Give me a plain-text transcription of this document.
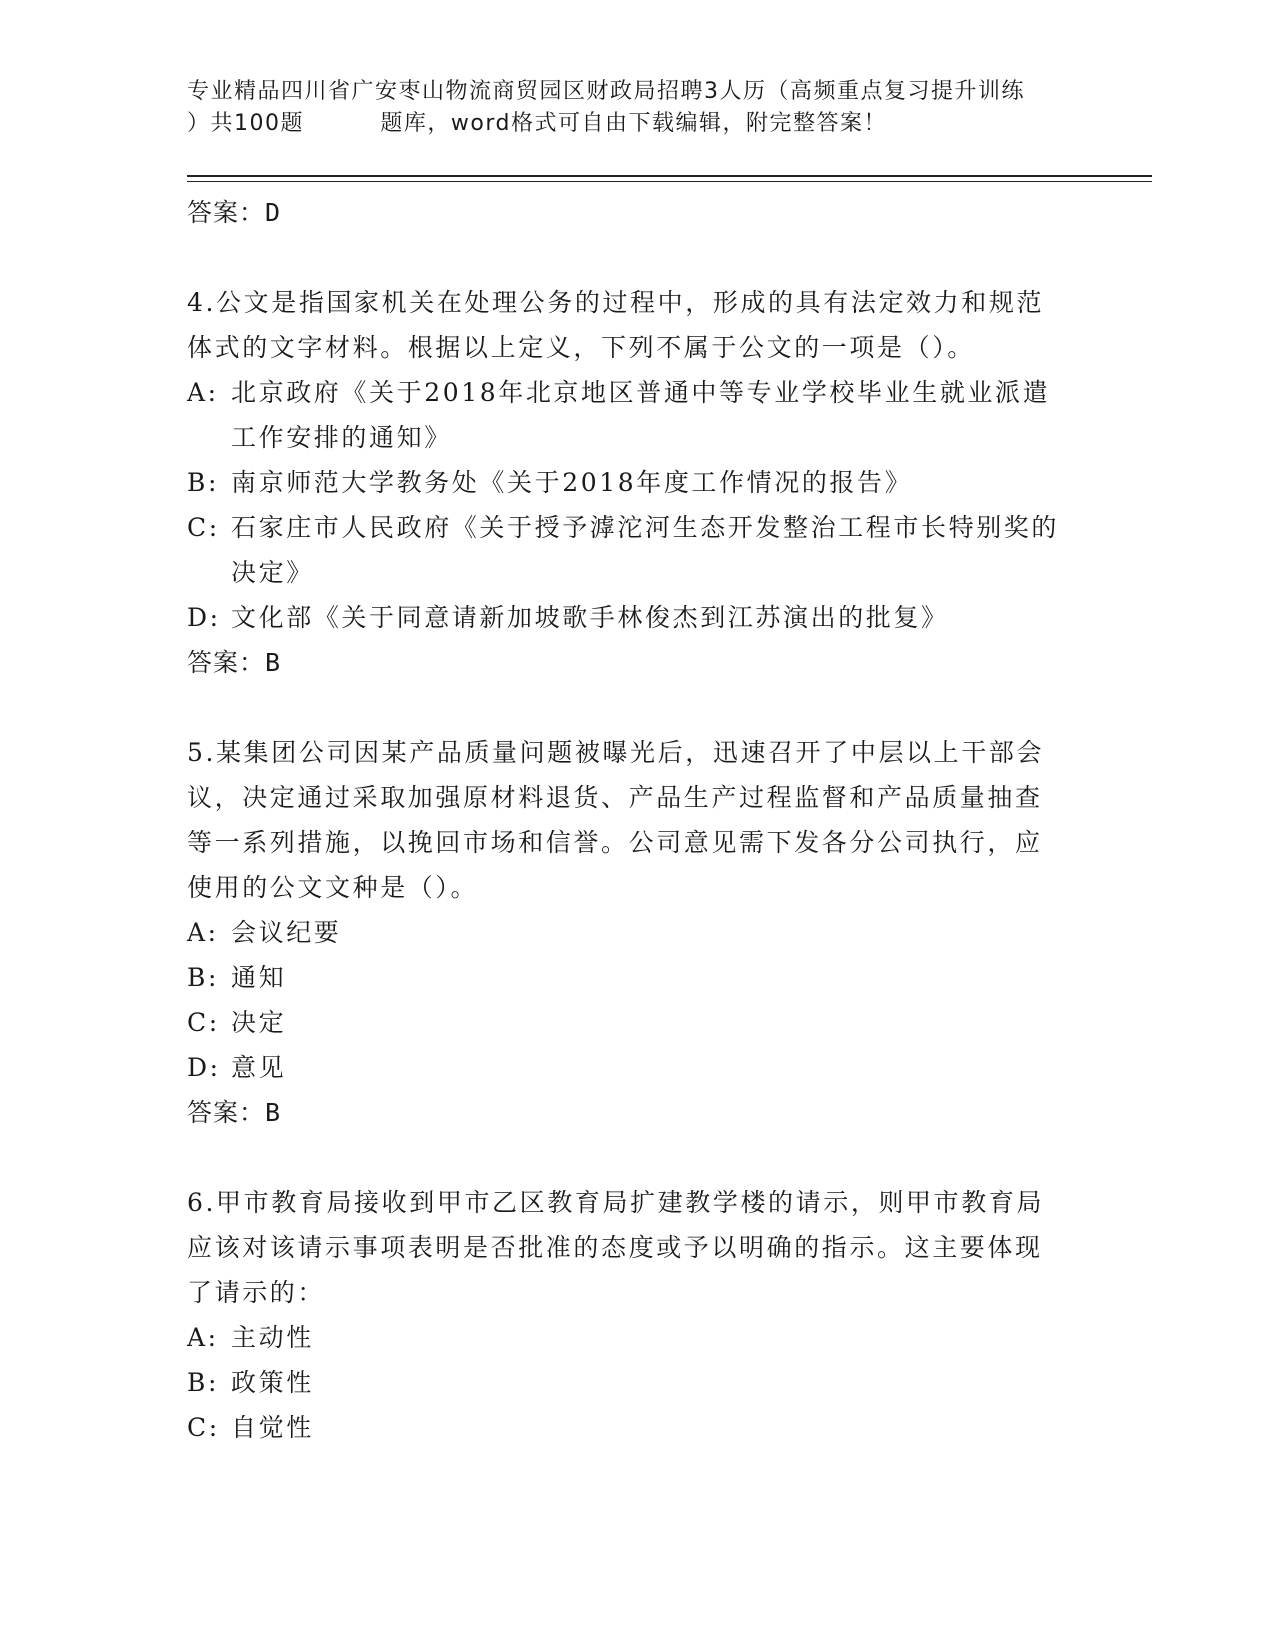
专业精品四川省广安枣山物流商贸园区财政局招聘3人历（高频重点复习提升训练
）共100题         题库，word格式可自由下载编辑，附完整答案！

答案：D

4.公文是指国家机关在处理公务的过程中，形成的具有法定效力和规范体式的文字材料。根据以上定义，下列不属于公文的一项是（）。

A: 北京政府《关于2018年北京地区普通中等专业学校毕业生就业派遣工作安排的通知》
B: 南京师范大学教务处《关于2018年度工作情况的报告》
C: 石家庄市人民政府《关于授予滹沱河生态开发整治工程市长特别奖的决定》
D: 文化部《关于同意请新加坡歌手林俊杰到江苏演出的批复》

答案：B

5.某集团公司因某产品质量问题被曝光后，迅速召开了中层以上干部会议，决定通过采取加强原材料退货、产品生产过程监督和产品质量抽查等一系列措施，以挽回市场和信誉。公司意见需下发各分公司执行，应使用的公文文种是（）。

A: 会议纪要
B: 通知
C: 决定
D: 意见

答案：B

6.甲市教育局接收到甲市乙区教育局扩建教学楼的请示，则甲市教育局应该对该请示事项表明是否批准的态度或予以明确的指示。这主要体现了请示的：

A: 主动性
B: 政策性
C: 自觉性
